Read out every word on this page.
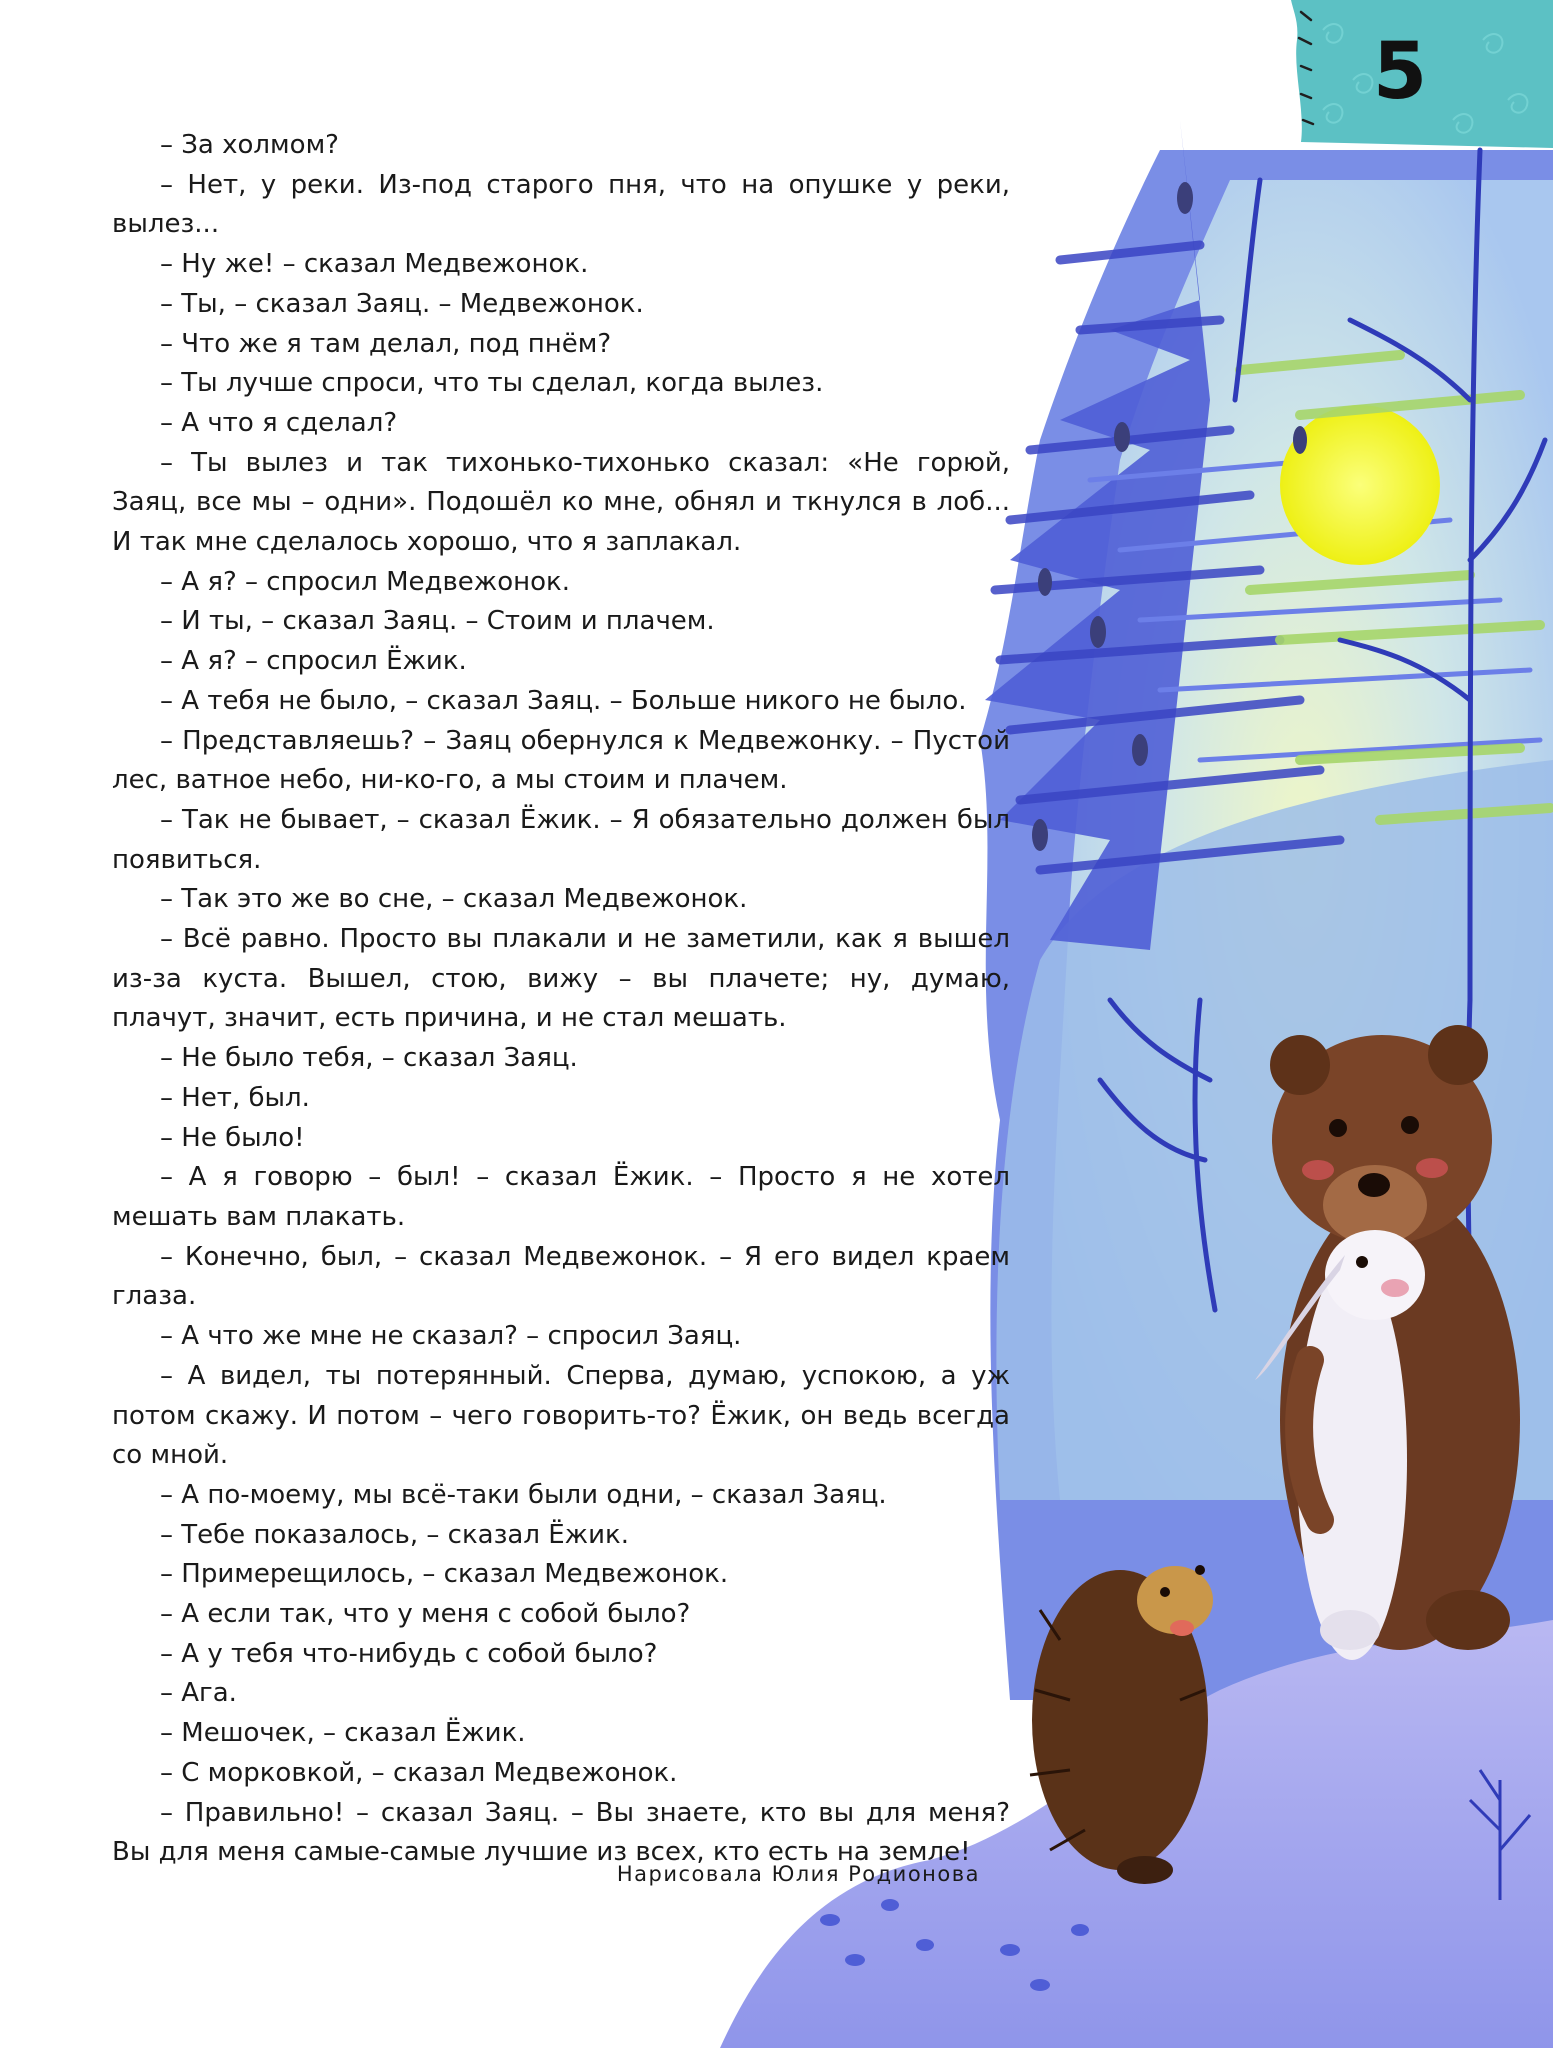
5

– За холмом?

– Нет, у реки. Из-под старого пня, что на опушке у реки, вылез...

– Ну же! – сказал Медвежонок.

– Ты, – сказал Заяц. – Медвежонок.

– Что же я там делал, под пнём?

– Ты лучше спроси, что ты сделал, когда вылез.

– А что я сделал?

– Ты вылез и так тихонько-тихонько сказал: «Не горюй, Заяц, все мы – одни». Подошёл ко мне, обнял и ткнулся в лоб... И так мне сделалось хорошо, что я заплакал.

– А я? – спросил Медвежонок.

– И ты, – сказал Заяц. – Стоим и плачем.

– А я? – спросил Ёжик.

– А тебя не было, – сказал Заяц. – Больше никого не было.

– Представляешь? – Заяц обернулся к Медвежонку. – Пустой лес, ватное небо, ни-ко-го, а мы стоим и плачем.

– Так не бывает, – сказал Ёжик. – Я обязательно должен был появиться.

– Так это же во сне, – сказал Медвежонок.

– Всё равно. Просто вы плакали и не заметили, как я вышел из-за куста. Вышел, стою, вижу – вы плачете; ну, думаю, плачут, значит, есть причина, и не стал мешать.

– Не было тебя, – сказал Заяц.

– Нет, был.

– Не было!

– А я говорю – был! – сказал Ёжик. – Просто я не хотел мешать вам плакать.

– Конечно, был, – сказал Медвежонок. – Я его видел краем глаза.

– А что же мне не сказал? – спросил Заяц.

– А видел, ты потерянный. Сперва, думаю, успокою, а уж потом скажу. И потом – чего говорить-то? Ёжик, он ведь всегда со мной.

– А по-моему, мы всё-таки были одни, – сказал Заяц.

– Тебе показалось, – сказал Ёжик.

– Примерещилось, – сказал Медвежонок.

– А если так, что у меня с собой было?

– А у тебя что-нибудь с собой было?

– Ага.

– Мешочек, – сказал Ёжик.

– С морковкой, – сказал Медвежонок.

– Правильно! – сказал Заяц. – Вы знаете, кто вы для меня? Вы для меня самые-самые лучшие из всех, кто есть на земле!

Нарисовала Юлия Родионова
